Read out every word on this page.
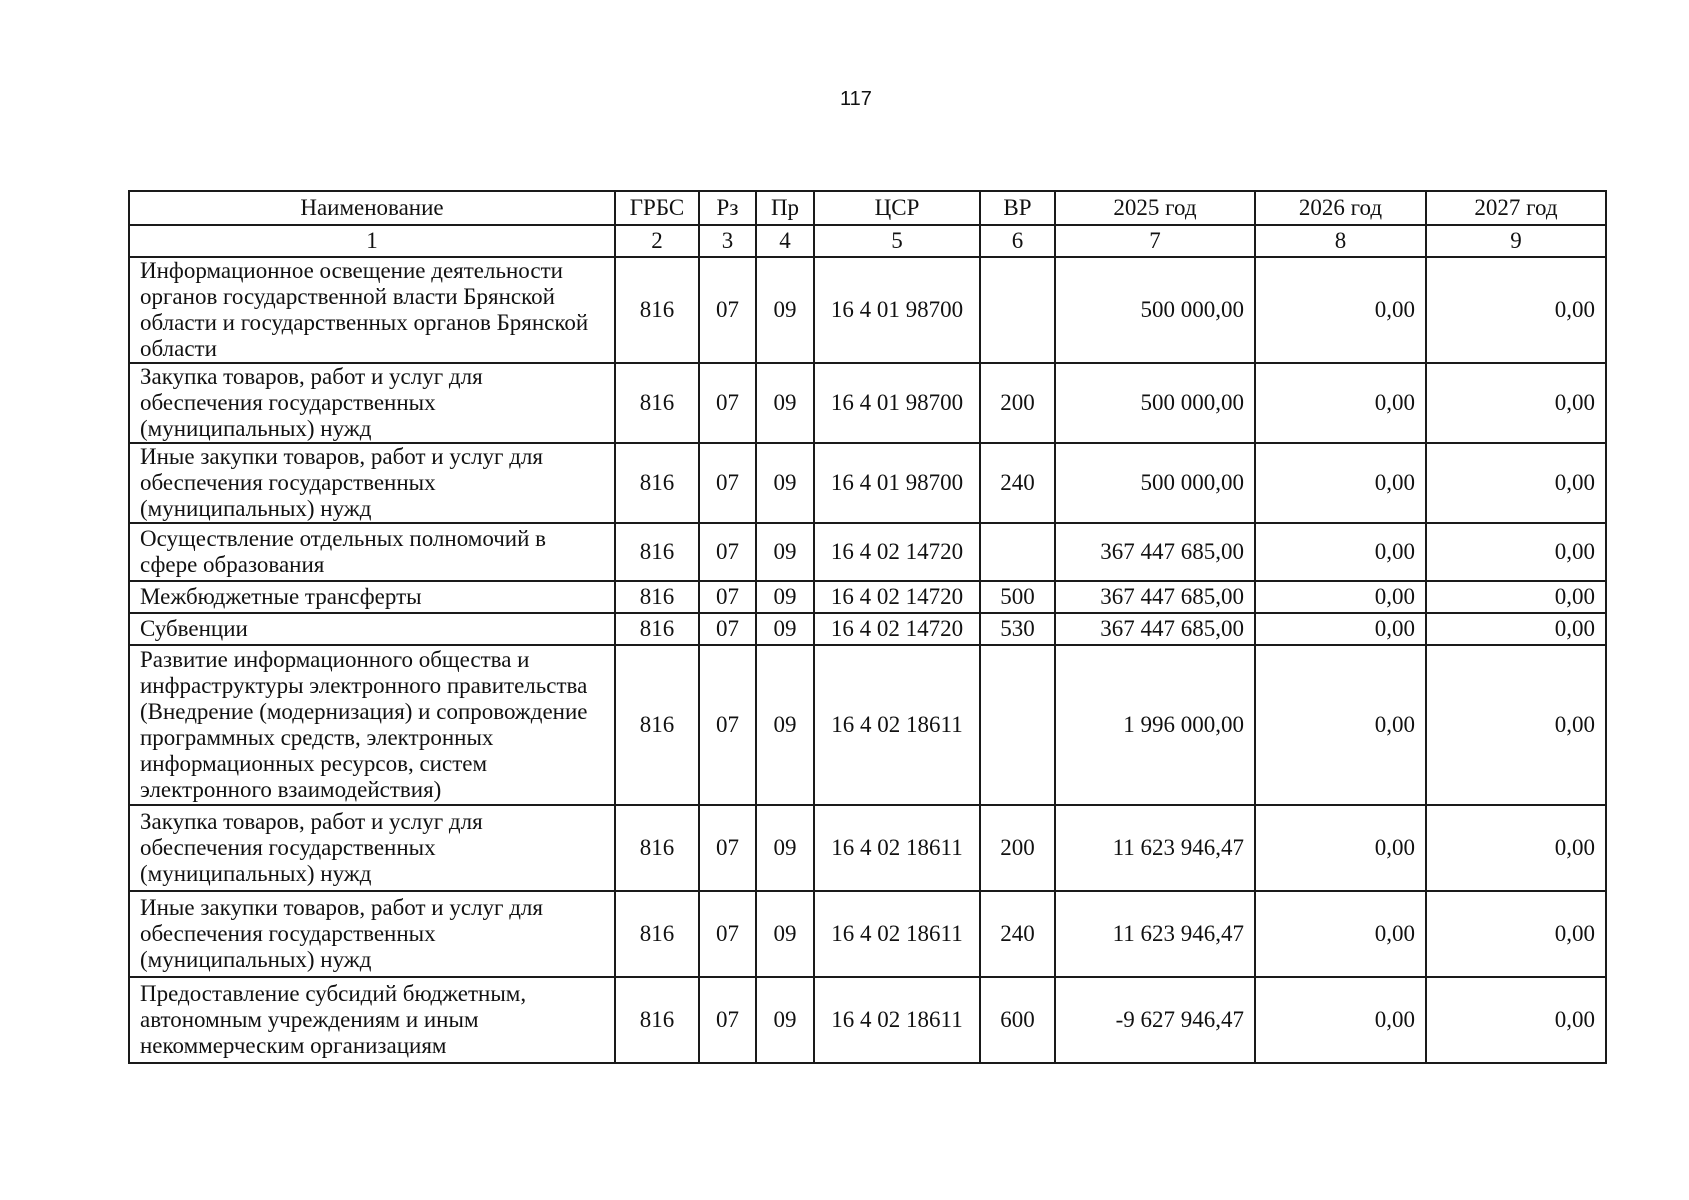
117
Наименование	ГРБС	Рз	Пр	ЦСР	ВР	2025 год	2026 год	2027 год
1	2	3	4	5	6	7	8	9
Информационное освещение деятельности органов государственной власти Брянской области и государственных органов Брянской области	816	07	09	16 4 01 98700		500 000,00	0,00	0,00
Закупка товаров, работ и услуг для обеспечения государственных (муниципальных) нужд	816	07	09	16 4 01 98700	200	500 000,00	0,00	0,00
Иные закупки товаров, работ и услуг для обеспечения государственных (муниципальных) нужд	816	07	09	16 4 01 98700	240	500 000,00	0,00	0,00
Осуществление отдельных полномочий в сфере образования	816	07	09	16 4 02 14720		367 447 685,00	0,00	0,00
Межбюджетные трансферты	816	07	09	16 4 02 14720	500	367 447 685,00	0,00	0,00
Субвенции	816	07	09	16 4 02 14720	530	367 447 685,00	0,00	0,00
Развитие информационного общества и инфраструктуры электронного правительства (Внедрение (модернизация) и сопровождение программных средств, электронных информационных ресурсов, систем электронного взаимодействия)	816	07	09	16 4 02 18611		1 996 000,00	0,00	0,00
Закупка товаров, работ и услуг для обеспечения государственных (муниципальных) нужд	816	07	09	16 4 02 18611	200	11 623 946,47	0,00	0,00
Иные закупки товаров, работ и услуг для обеспечения государственных (муниципальных) нужд	816	07	09	16 4 02 18611	240	11 623 946,47	0,00	0,00
Предоставление субсидий бюджетным, автономным учреждениям и иным некоммерческим организациям	816	07	09	16 4 02 18611	600	-9 627 946,47	0,00	0,00
